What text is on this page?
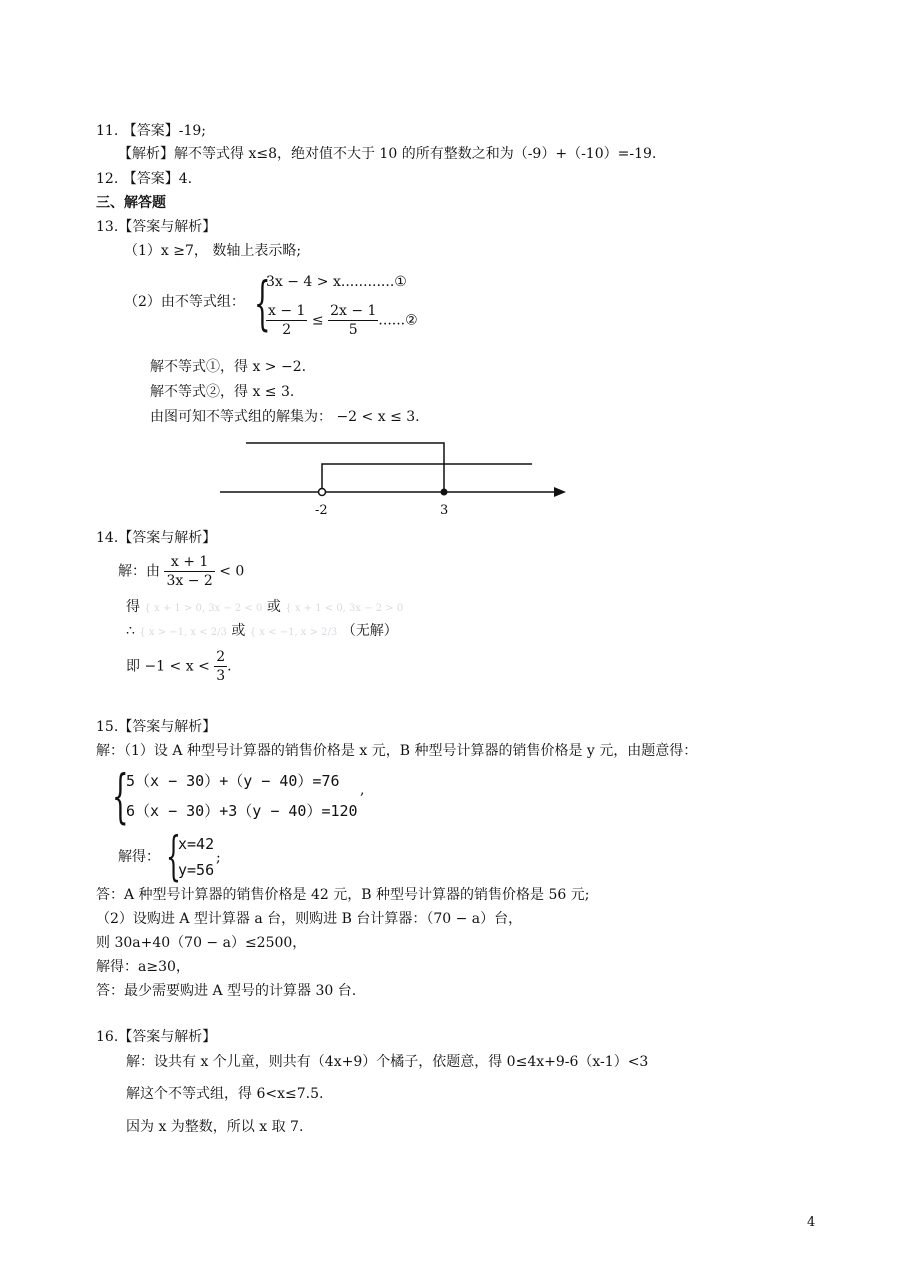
11. 【答案】-19;
【解析】解不等式得 x≤8，绝对值不大于 10 的所有整数之和为（-9）+（-10）=-19.
12. 【答案】4.
三、解答题
13.【答案与解析】
（1）x ≥7， 数轴上表示略;
（2）由不等式组： {
3x − 4 > x............①
$\frac{x - 1}{2} \le \frac{2x - 1}{5}$ ......②
解不等式①，得 x > −2.
解不等式②，得 x ≤ 3.
由图可知不等式组的解集为： −2 < x ≤ 3.
-2	3
14.【答案与解析】
解：由 $\frac{x + 1}{3x - 2} < 0$
得 { x + 1 > 0, 3x − 2 < 0 或 { x + 1 < 0, 3x − 2 > 0
∴ { x > −1, x < 2/3 或 { x < −1, x > 2/3 （无解）
即 $-1 < x < \frac{2}{3}$ .
15.【答案与解析】
解：（1）设 A 种型号计算器的销售价格是 x 元，B 种型号计算器的销售价格是 y 元，由题意得：
{
5（x − 30）+（y − 40）=76
6（x − 30）+3（y − 40）=120
,
解得： {
x=42
y=56
;
答：A 种型号计算器的销售价格是 42 元，B 种型号计算器的销售价格是 56 元;
（2）设购进 A 型计算器 a 台，则购进 B 台计算器：（70 − a）台，
则 30a+40（70 − a）≤2500，
解得：a≥30，
答：最少需要购进 A 型号的计算器 30 台.
16.【答案与解析】
解：设共有 x 个儿童，则共有（4x+9）个橘子，依题意，得 0≤4x+9-6（x-1）<3
解这个不等式组，得 6<x≤7.5.
因为 x 为整数，所以 x 取 7.
4
